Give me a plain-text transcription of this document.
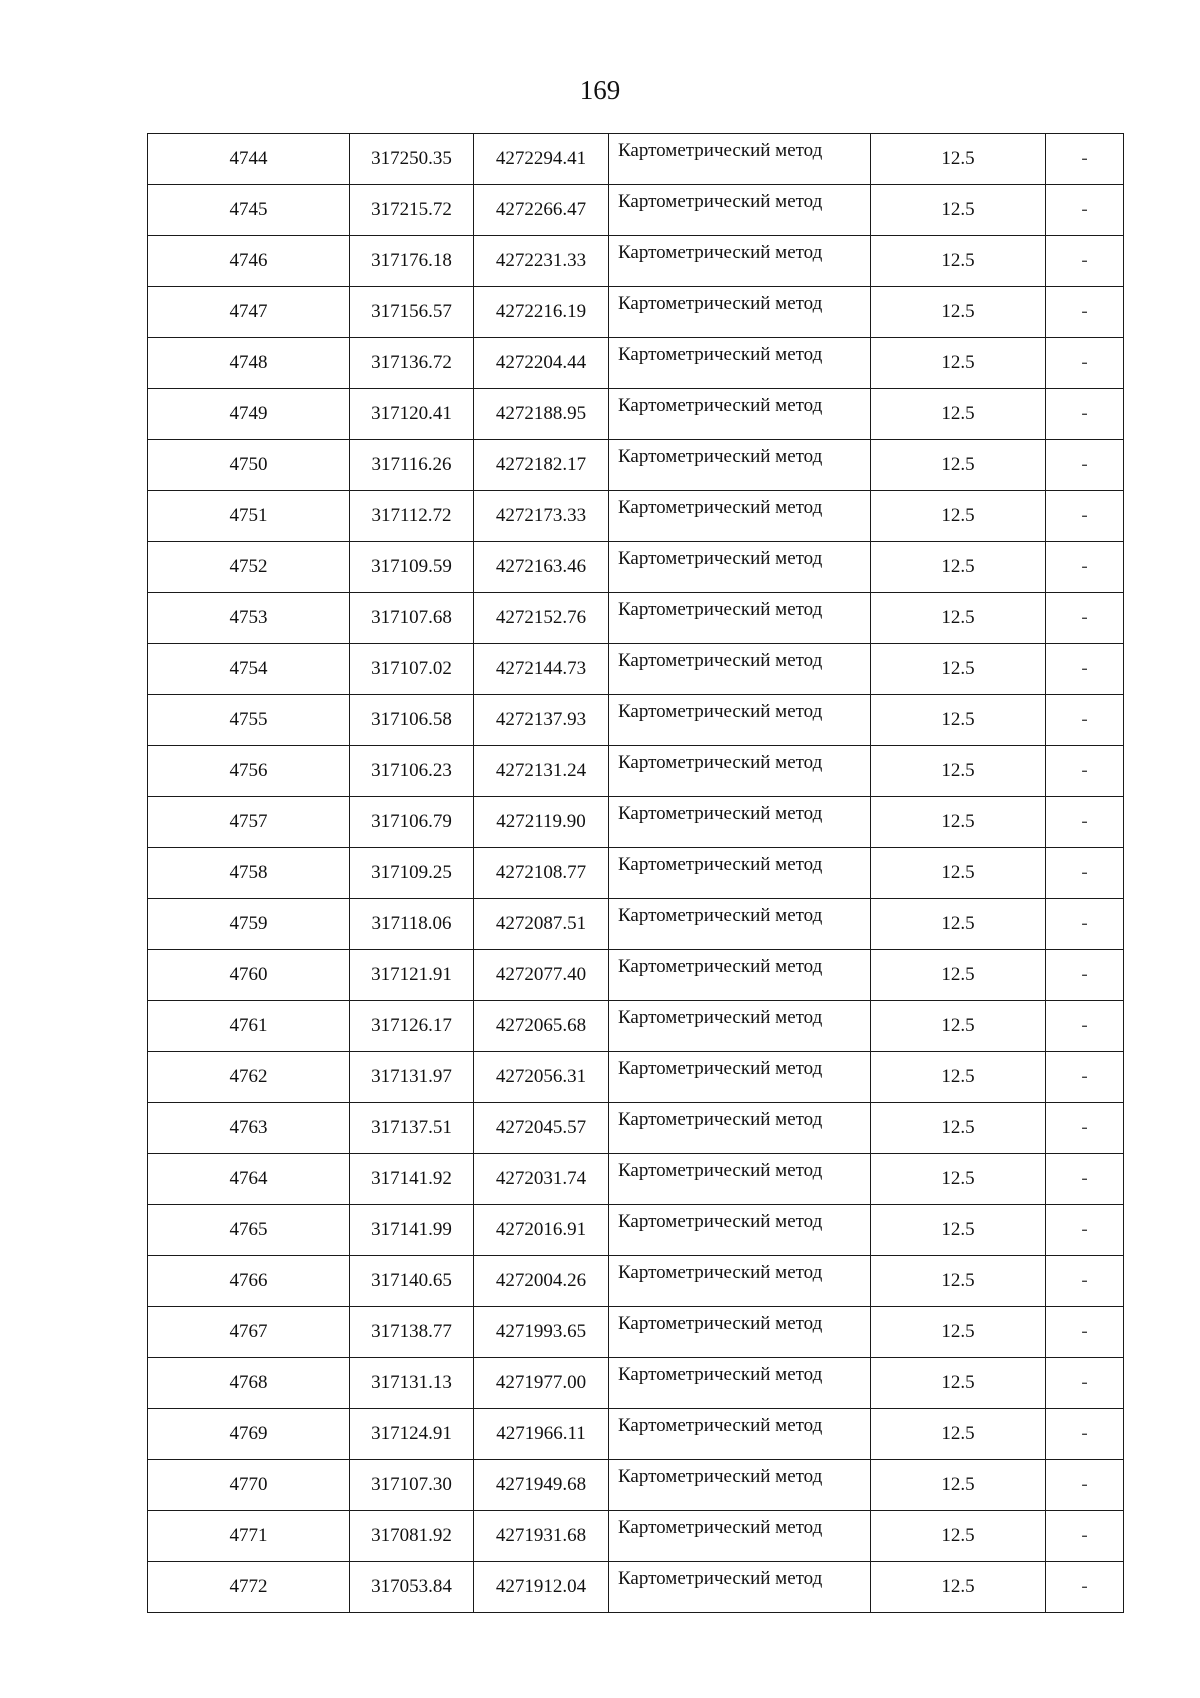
169
4744	317250.35	4272294.41	Картометрический метод	12.5	-
4745	317215.72	4272266.47	Картометрический метод	12.5	-
4746	317176.18	4272231.33	Картометрический метод	12.5	-
4747	317156.57	4272216.19	Картометрический метод	12.5	-
4748	317136.72	4272204.44	Картометрический метод	12.5	-
4749	317120.41	4272188.95	Картометрический метод	12.5	-
4750	317116.26	4272182.17	Картометрический метод	12.5	-
4751	317112.72	4272173.33	Картометрический метод	12.5	-
4752	317109.59	4272163.46	Картометрический метод	12.5	-
4753	317107.68	4272152.76	Картометрический метод	12.5	-
4754	317107.02	4272144.73	Картометрический метод	12.5	-
4755	317106.58	4272137.93	Картометрический метод	12.5	-
4756	317106.23	4272131.24	Картометрический метод	12.5	-
4757	317106.79	4272119.90	Картометрический метод	12.5	-
4758	317109.25	4272108.77	Картометрический метод	12.5	-
4759	317118.06	4272087.51	Картометрический метод	12.5	-
4760	317121.91	4272077.40	Картометрический метод	12.5	-
4761	317126.17	4272065.68	Картометрический метод	12.5	-
4762	317131.97	4272056.31	Картометрический метод	12.5	-
4763	317137.51	4272045.57	Картометрический метод	12.5	-
4764	317141.92	4272031.74	Картометрический метод	12.5	-
4765	317141.99	4272016.91	Картометрический метод	12.5	-
4766	317140.65	4272004.26	Картометрический метод	12.5	-
4767	317138.77	4271993.65	Картометрический метод	12.5	-
4768	317131.13	4271977.00	Картометрический метод	12.5	-
4769	317124.91	4271966.11	Картометрический метод	12.5	-
4770	317107.30	4271949.68	Картометрический метод	12.5	-
4771	317081.92	4271931.68	Картометрический метод	12.5	-
4772	317053.84	4271912.04	Картометрический метод	12.5	-
